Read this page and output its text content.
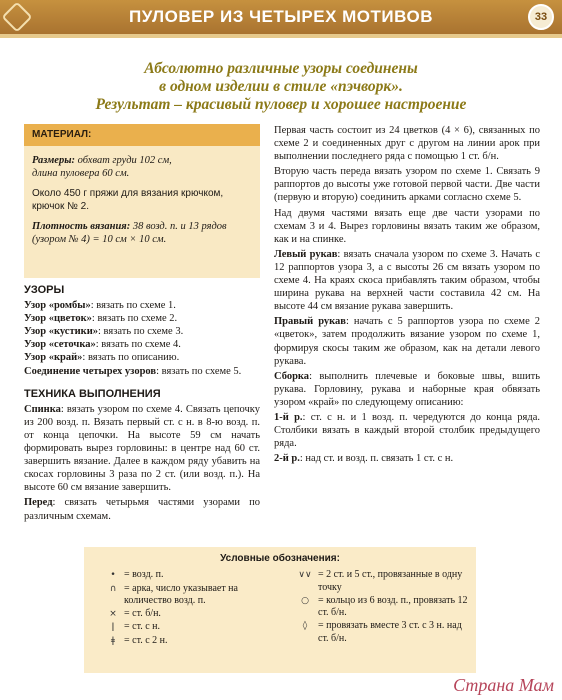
ПУЛОВЕР ИЗ ЧЕТЫРЕХ МОТИВОВ	33
Абсолютно различные узоры соединены
в одном изделии в стиле «пэчворк».
Результат – красивый пуловер и хорошее настроение
МАТЕРИАЛ:

Размеры: обхват груди 102 см,
длина пуловера 60 см.

Около 450 г пряжи для вязания крючком, крючок № 2.

Плотность вязания: 38 возд. п. и 13 рядов (узором № 4) = 10 см × 10 см.

УЗОРЫ
Узор «ромбы»: вязать по схеме 1.
Узор «цветок»: вязать по схеме 2.
Узор «кустики»: вязать по схеме 3.
Узор «сеточка»: вязать по схеме 4.
Узор «край»: вязать по описанию.
Соединение четырех узоров: вязать по схеме 5.
ТЕХНИКА ВЫПОЛНЕНИЯ

Спинка: вязать узором по схеме 4. Связать цепочку из 200 возд. п. Вязать первый ст. с н. в 8-ю возд. п. от конца цепочки. На высоте 59 см начать формировать вырез горловины: в центре над 60 ст. завершить вязание. Далее в каждом ряду убавить на скосах горловины 3 раза по 2 ст. (или возд. п.). На высоте 60 см вязание завершить.

Перед: связать четырьмя частями узорами по различным схемам.

Первая часть состоит из 24 цветков (4 × 6), связанных по схеме 2 и соединенных друг с другом на линии арок при выполнении последнего ряда с помощью 1 ст. б/н.

Вторую часть переда вязать узором по схеме 1. Связать 9 раппортов до высоты уже готовой первой части. Две части (первую и вторую) соединить арками согласно схеме 5.

Над двумя частями вязать еще две части узорами по схемам 3 и 4. Вырез горловины вязать таким же образом, как и на спинке.

Левый рукав: вязать сначала узором по схеме 3. Начать с 12 раппортов узора 3, а с высоты 26 см вязать узором по схеме 4. На краях скоса прибавлять таким образом, чтобы ширина рукава на верхней части составила 42 см. На высоте 44 см вязание рукава завершить.

Правый рукав: начать с 5 раппортов узора по схеме 2 «цветок», затем продолжить вязание узором по схеме 1, формируя скосы таким же образом, как на детали левого рукава.

Сборка: выполнить плечевые и боковые швы, вшить рукава. Горловину, рукава и наборные края обвязать узором «край» по следующему описанию:

1-й р.: ст. с н. и 1 возд. п. чередуются до конца ряда. Столбики вязать в каждый второй столбик предыдущего ряда.

2-й р.: над ст. и возд. п. связать 1 ст. с н.

Условные обозначения:
• = возд. п.
∩ = арка, число указывает на количество возд. п.
× = ст. б/н.
ǀ = ст. с н.
ǂ = ст. с 2 н.
∨∨ = 2 ст. и 5 ст., провязанные в одну точку
○ = кольцо из 6 возд. п., провязать 12 ст. б/н.
◊	= провязать вместе 3 ст. с 3 н. над ст. б/н.
Страна Мам
